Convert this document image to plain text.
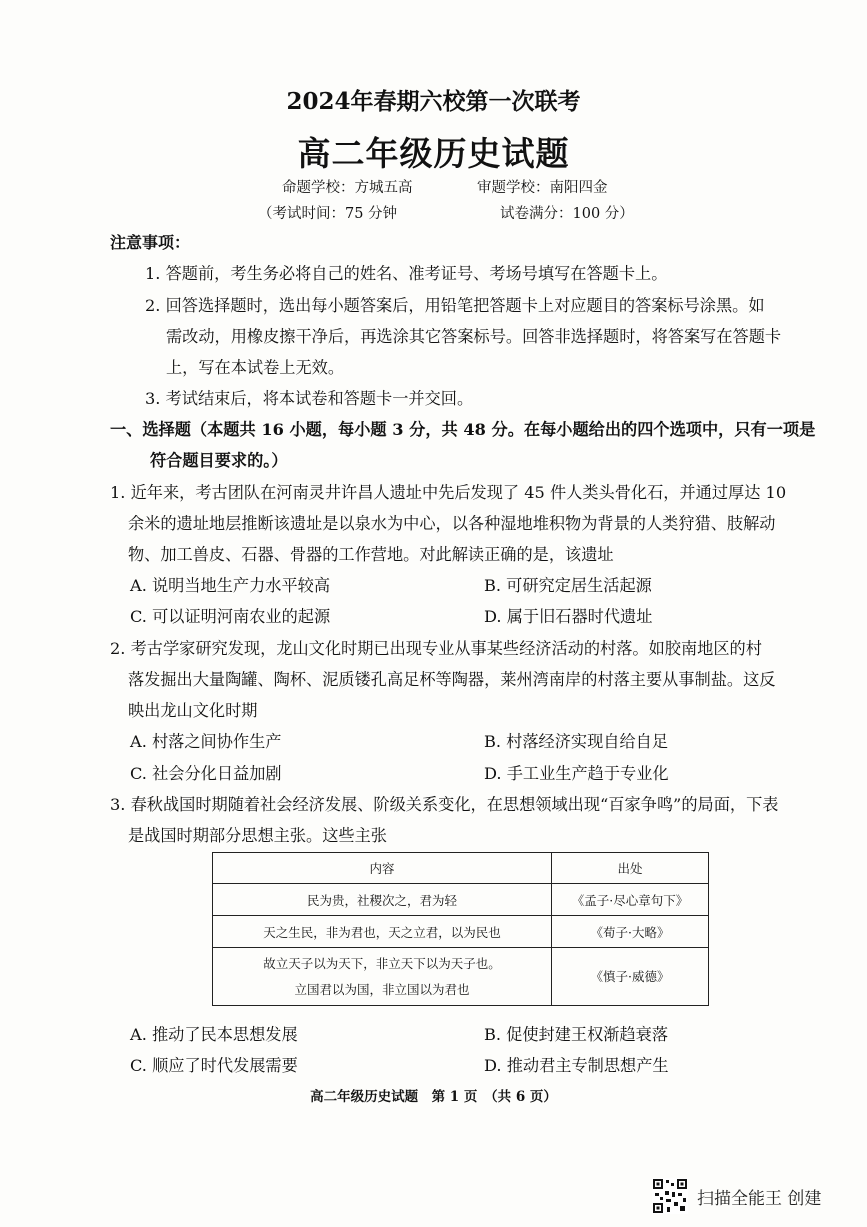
2024年春期六校第一次联考
高二年级历史试题
命题学校：方城五高	审题学校：南阳四金
（考试时间：75 分钟	试卷满分：100 分）
注意事项：
1. 答题前，考生务必将自己的姓名、准考证号、考场号填写在答题卡上。
2. 回答选择题时，选出每小题答案后，用铅笔把答题卡上对应题目的答案标号涂黑。如
需改动，用橡皮擦干净后，再选涂其它答案标号。回答非选择题时，将答案写在答题卡
上，写在本试卷上无效。
3. 考试结束后，将本试卷和答题卡一并交回。
一、选择题（本题共 16 小题，每小题 3 分，共 48 分。在每小题给出的四个选项中，只有一项是
符合题目要求的。）
1. 近年来，考古团队在河南灵井许昌人遗址中先后发现了 45 件人类头骨化石，并通过厚达 10
余米的遗址地层推断该遗址是以泉水为中心，以各种湿地堆积物为背景的人类狩猎、肢解动
物、加工兽皮、石器、骨器的工作营地。对此解读正确的是，该遗址
A. 说明当地生产力水平较高	B. 可研究定居生活起源
C. 可以证明河南农业的起源	D. 属于旧石器时代遗址
2. 考古学家研究发现，龙山文化时期已出现专业从事某些经济活动的村落。如胶南地区的村
落发掘出大量陶罐、陶杯、泥质镂孔高足杯等陶器，莱州湾南岸的村落主要从事制盐。这反
映出龙山文化时期
A. 村落之间协作生产	B. 村落经济实现自给自足
C. 社会分化日益加剧	D. 手工业生产趋于专业化
3. 春秋战国时期随着社会经济发展、阶级关系变化，在思想领域出现“百家争鸣”的局面，下表
是战国时期部分思想主张。这些主张
内容	出处
民为贵，社稷次之，君为轻	《孟子·尽心章句下》
天之生民，非为君也，天之立君，以为民也	《荀子·大略》

故立天子以为天下，非立天下以为天子也。
立国君以为国，非立国以为君也	《慎子·威德》
A. 推动了民本思想发展	B. 促使封建王权渐趋衰落
C. 顺应了时代发展需要	D. 推动君主专制思想产生
高二年级历史试题　第 1 页　（共 6 页）
扫描全能王 创建
